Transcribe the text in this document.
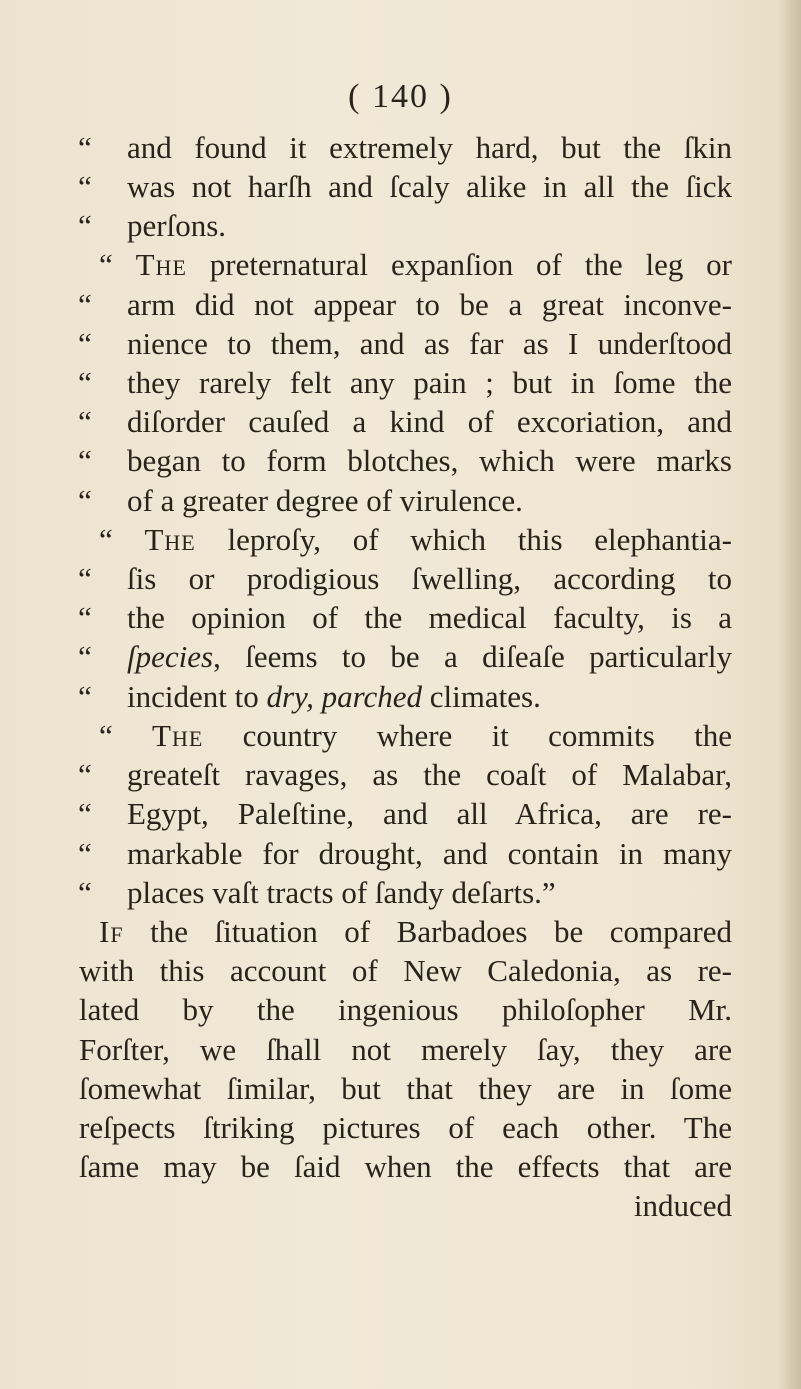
( 140 )
“ and found it extremely hard, but the ſkin
“ was not harſh and ſcaly alike in all the ſick
“ perſons.
“ The preternatural expanſion of the leg or
“ arm did not appear to be a great inconve-
“ nience to them, and as far as I underſtood
“ they rarely felt any pain ; but in ſome the
“ diſorder cauſed a kind of excoriation, and
“ began to form blotches, which were marks
“ of a greater degree of virulence.
“ The leproſy, of which this elephantia-
“ ſis or prodigious ſwelling, according to
“ the opinion of the medical faculty, is a
“ ſpecies, ſeems to be a diſeaſe particularly
“ incident to dry, parched climates.
“ The country where it commits the
“ greateſt ravages, as the coaſt of Malabar,
“ Egypt, Paleſtine, and all Africa, are re-
“ markable for drought, and contain in many
“ places vaſt tracts of ſandy deſarts.”
If the ſituation of Barbadoes be compared
with this account of New Caledonia, as re-
lated by the ingenious philoſopher Mr.
Forſter, we ſhall not merely ſay, they are
ſomewhat ſimilar, but that they are in ſome
reſpects ſtriking pictures of each other. The
ſame may be ſaid when the effects that are
induced
